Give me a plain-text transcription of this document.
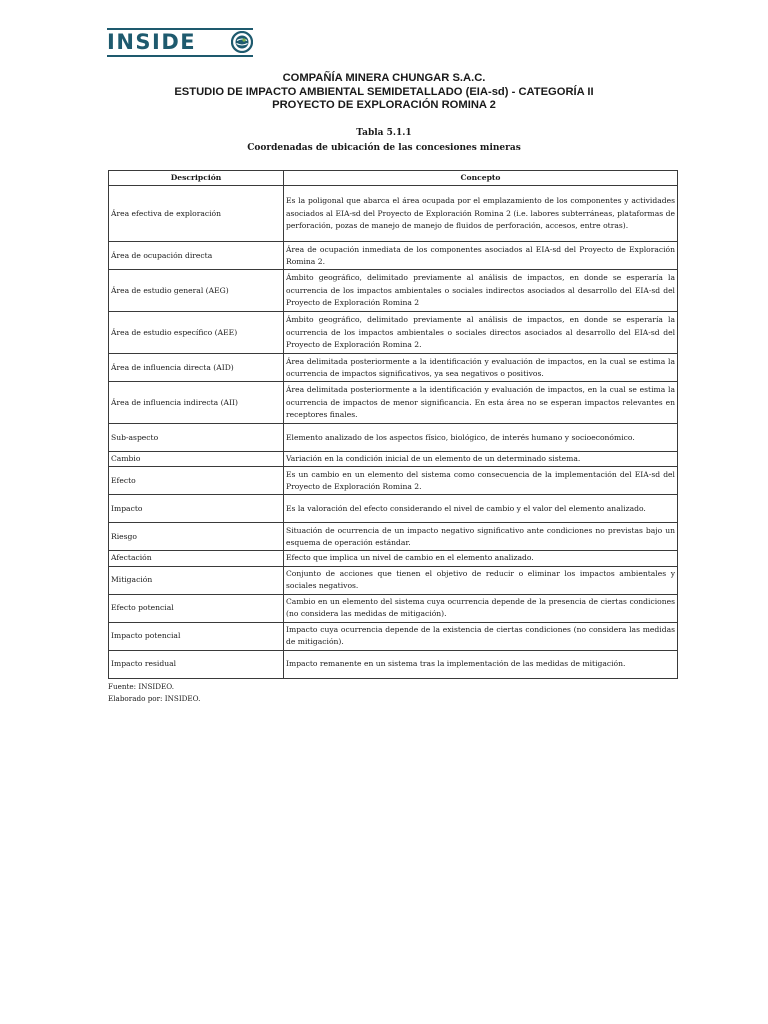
INSIDE
COMPAÑÍA MINERA CHUNGAR S.A.C.
ESTUDIO DE IMPACTO AMBIENTAL SEMIDETALLADO (EIA-sd) - CATEGORÍA II
PROYECTO DE EXPLORACIÓN ROMINA 2
Tabla 5.1.1
Coordenadas de ubicación de las concesiones mineras
Descripción	Concepto
Área efectiva de exploración	Es la poligonal que abarca el área ocupada por el emplazamiento de los componentes y actividades asociados al EIA-sd del Proyecto de Exploración Romina 2 (i.e. labores subterráneas, plataformas de perforación, pozas de manejo de manejo de fluidos de perforación, accesos, entre otras).
Área de ocupación directa	Área de ocupación inmediata de los componentes asociados al EIA-sd del Proyecto de Exploración Romina 2.
Área de estudio general (AEG)	Ámbito geográfico, delimitado previamente al análisis de impactos, en donde se esperaría la ocurrencia de los impactos ambientales o sociales indirectos asociados al desarrollo del EIA-sd del Proyecto de Exploración Romina 2
Área de estudio específico (AEE)	Ámbito geográfico, delimitado previamente al análisis de impactos, en donde se esperaría la ocurrencia de los impactos ambientales o sociales directos asociados al desarrollo del EIA-sd del Proyecto de Exploración Romina 2.
Área de influencia directa (AID)	Área delimitada posteriormente a la identificación y evaluación de impactos, en la cual se estima la ocurrencia de impactos significativos, ya sea negativos o positivos.
Área de influencia indirecta (AII)	Área delimitada posteriormente a la identificación y evaluación de impactos, en la cual se estima la ocurrencia de impactos de menor significancia. En esta área no se esperan impactos relevantes en receptores finales.
Sub-aspecto	Elemento analizado de los aspectos físico, biológico, de interés humano y socioeconómico.
Cambio	Variación en la condición inicial de un elemento de un determinado sistema.
Efecto	Es un cambio en un elemento del sistema como consecuencia de la implementación del EIA-sd del Proyecto de Exploración Romina 2.
Impacto	Es la valoración del efecto considerando el nivel de cambio y el valor del elemento analizado.
Riesgo	Situación de ocurrencia de un impacto negativo significativo ante condiciones no previstas bajo un esquema de operación estándar.
Afectación	Efecto que implica un nivel de cambio en el elemento analizado.
Mitigación	Conjunto de acciones que tienen el objetivo de reducir o eliminar los impactos ambientales y sociales negativos.
Efecto potencial	Cambio en un elemento del sistema cuya ocurrencia depende de la presencia de ciertas condiciones (no considera las medidas de mitigación).
Impacto potencial	Impacto cuya ocurrencia depende de la existencia de ciertas condiciones (no considera las medidas de mitigación).
Impacto residual	Impacto remanente en un sistema tras la implementación de las medidas de mitigación.
Fuente: INSIDEO.
Elaborado por: INSIDEO.
